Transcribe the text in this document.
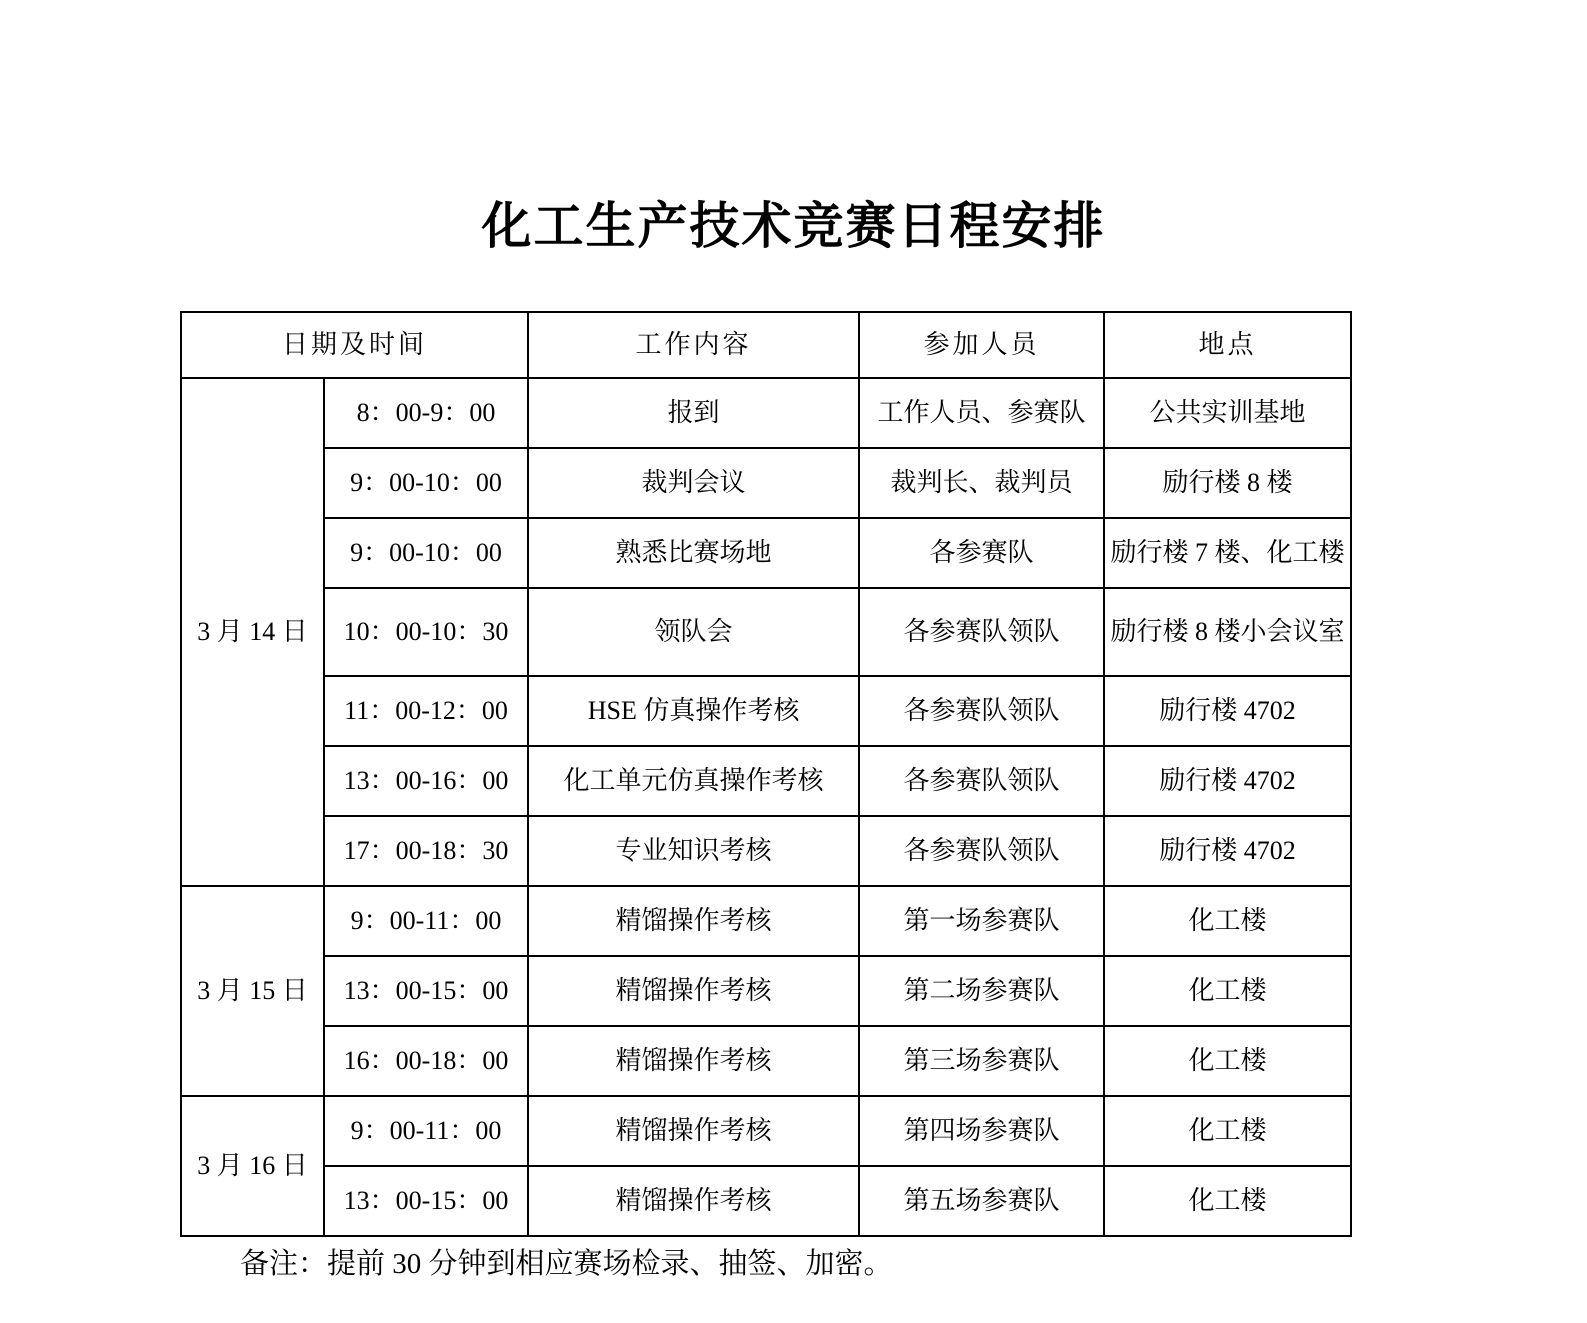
化工生产技术竞赛日程安排
日期及时间		工作内容	参加人员	地点
3 月 14 日	8：00-9：00	报到	工作人员、参赛队	公共实训基地
	9：00-10：00	裁判会议	裁判长、裁判员	励行楼 8 楼
	9：00-10：00	熟悉比赛场地	各参赛队	励行楼 7 楼、化工楼
	10：00-10：30	领队会	各参赛队领队	励行楼 8 楼小会议室
	11：00-12：00	HSE 仿真操作考核	各参赛队领队	励行楼 4702
	13：00-16：00	化工单元仿真操作考核	各参赛队领队	励行楼 4702
	17：00-18：30	专业知识考核	各参赛队领队	励行楼 4702
3 月 15 日	9：00-11：00	精馏操作考核	第一场参赛队	化工楼
	13：00-15：00	精馏操作考核	第二场参赛队	化工楼
	16：00-18：00	精馏操作考核	第三场参赛队	化工楼
3 月 16 日	9：00-11：00	精馏操作考核	第四场参赛队	化工楼
	13：00-15：00	精馏操作考核	第五场参赛队	化工楼
备注：提前 30 分钟到相应赛场检录、抽签、加密。
